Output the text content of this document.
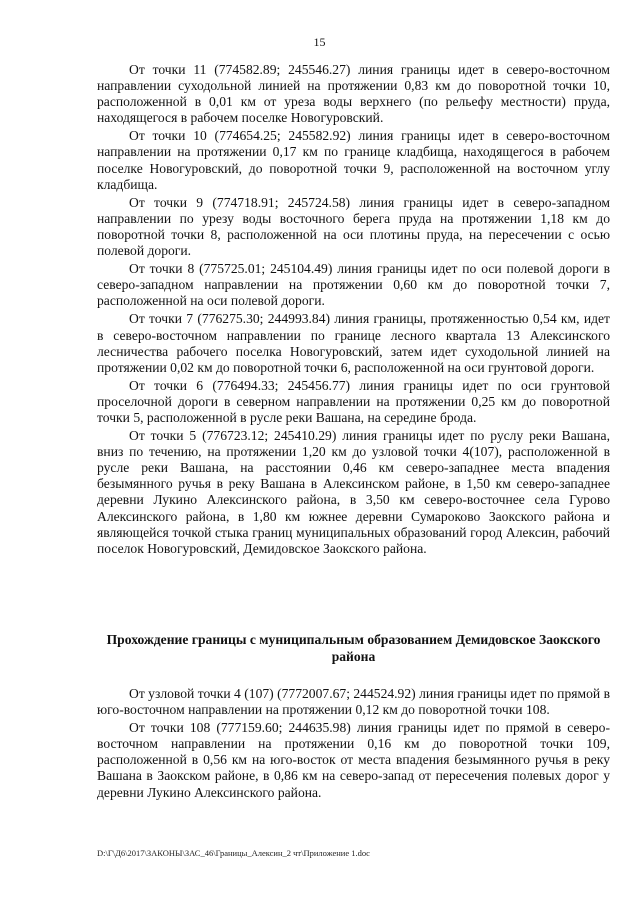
15

От точки 11 (774582.89; 245546.27) линия границы идет в северо-восточном направлении суходольной линией на протяжении 0,83 км до поворотной точки 10, расположенной в 0,01 км от уреза воды верхнего (по рельефу местности) пруда, находящегося в рабочем поселке Новогуровский.

От точки 10 (774654.25; 245582.92) линия границы идет в северо-восточном направлении на протяжении 0,17 км по границе кладбища, находящегося в рабочем поселке Новогуровский, до поворотной точки 9, расположенной на восточном углу кладбища.

От точки 9 (774718.91; 245724.58) линия границы идет в северо-западном направлении по урезу воды восточного берега пруда на протяжении 1,18 км до поворотной точки 8, расположенной на оси плотины пруда, на пересечении с осью полевой дороги.

От точки 8 (775725.01; 245104.49) линия границы идет по оси полевой дороги в северо-западном направлении на протяжении 0,60 км до поворотной точки 7, расположенной на оси полевой дороги.

От точки 7 (776275.30; 244993.84) линия границы, протяженностью 0,54 км, идет в северо-восточном направлении по границе лесного квартала 13 Алексинского лесничества рабочего поселка Новогуровский, затем идет суходольной линией на протяжении 0,02 км до поворотной точки 6, расположенной на оси грунтовой дороги.

От точки 6 (776494.33; 245456.77) линия границы идет по оси грунтовой проселочной дороги в северном направлении на протяжении 0,25 км до поворотной точки 5, расположенной в русле реки Вашана, на середине брода.

От точки 5 (776723.12; 245410.29) линия границы идет по руслу реки Вашана, вниз по течению, на протяжении 1,20 км до узловой точки 4(107), расположенной в русле реки Вашана, на расстоянии 0,46 км северо-западнее места впадения безымянного ручья в реку Вашана в Алексинском районе, в 1,50 км северо-западнее деревни Лукино Алексинского района, в 3,50 км северо-восточнее села Гурово Алексинского района, в 1,80 км южнее деревни Сумароково Заокского района и являющейся точкой стыка границ муниципальных образований город Алексин, рабочий поселок Новогуровский, Демидовское Заокского района.

Прохождение границы с муниципальным образованием Демидовское Заокского района

От узловой точки 4 (107) (7772007.67; 244524.92) линия границы идет по прямой в юго-восточном направлении на протяжении 0,12 км до поворотной точки 108.

От точки 108 (777159.60; 244635.98) линия границы идет по прямой в северо-восточном направлении на протяжении 0,16 км до поворотной точки 109, расположенной в 0,56 км на юго-восток от места впадения безымянного ручья в реку Вашана в Заокском районе, в 0,86 км на северо-запад от пересечения полевых дорог у деревни Лукино Алексинского района.

D:\Г\Д6\2017\ЗАКОНЫ\ЗАС_46\Границы_Алексин_2 чт\Приложение 1.doc
